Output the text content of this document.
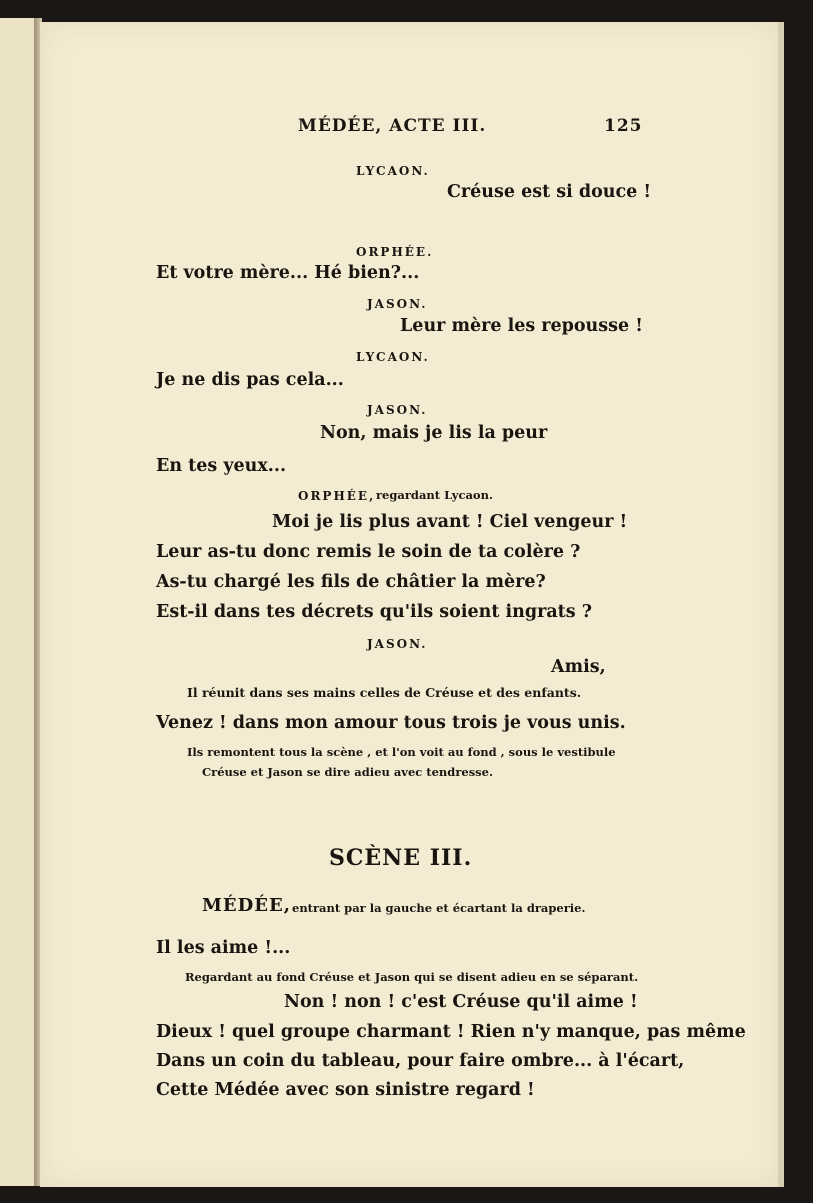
MÉDÉE, ACTE III.	125
LYCAON.
Créuse est si douce !
ORPHÉE.
Et votre mère... Hé bien?...
JASON.
Leur mère les repousse !
LYCAON.
Je ne dis pas cela...
JASON.
Non, mais je lis la peur
En tes yeux...
ORPHÉE, regardant Lycaon.
Moi je lis plus avant ! Ciel vengeur !
Leur as-tu donc remis le soin de ta colère ?
As-tu chargé les fils de châtier la mère?
Est-il dans tes décrets qu'ils soient ingrats ?
JASON.
Amis,
Il réunit dans ses mains celles de Créuse et des enfants.
Venez ! dans mon amour tous trois je vous unis.
Ils remontent tous la scène , et l'on voit au fond , sous le vestibule
Créuse et Jason se dire adieu avec tendresse.
SCÈNE III.
MÉDÉE, entrant par la gauche et écartant la draperie.
Il les aime !...
Regardant au fond Créuse et Jason qui se disent adieu en se séparant.
Non ! non ! c'est Créuse qu'il aime !
Dieux ! quel groupe charmant ! Rien n'y manque, pas même
Dans un coin du tableau, pour faire ombre... à l'écart,
Cette Médée avec son sinistre regard !
